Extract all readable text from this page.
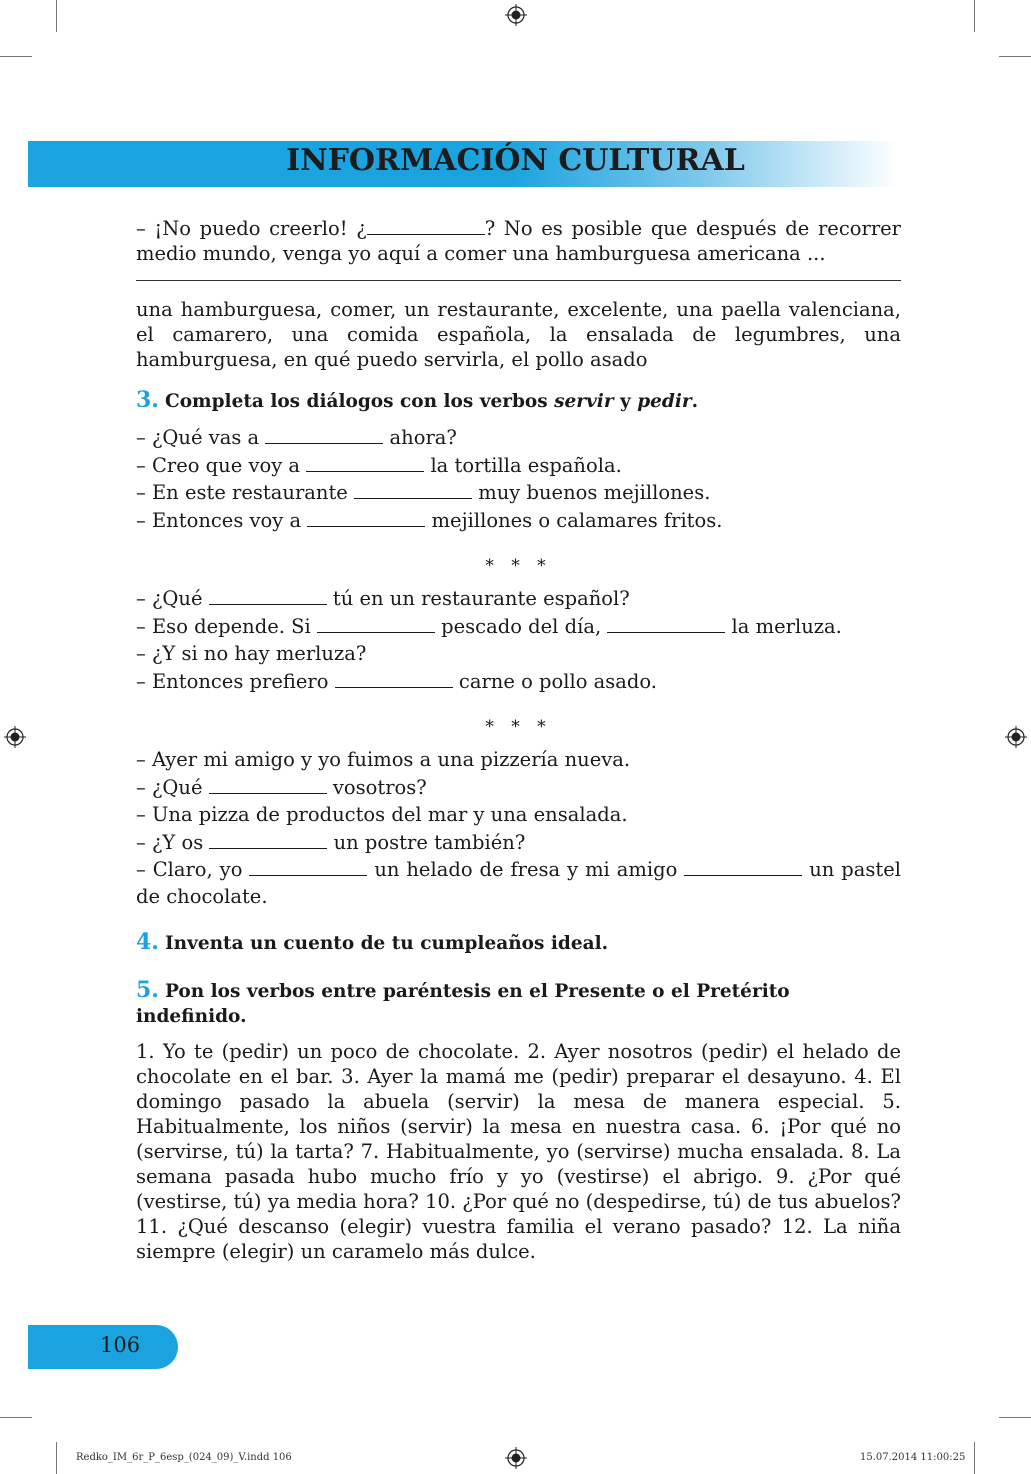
INFORMACIÓN CULTURAL
– ¡No puedo creerlo! ¿	? No es posible que después de recorrer medio mundo, venga yo aquí a comer una hamburguesa americana ...
una hamburguesa, comer, un restaurante, excelente, una paella valenciana, el camarero, una comida española, la ensalada de legumbres, una hamburguesa, en qué puedo servirla, el pollo asado
3. Completa los diálogos con los verbos servir y pedir.
– ¿Qué vas a	ahora?
– Creo que voy a	la tortilla española.
– En este restaurante	muy buenos mejillones.
– Entonces voy a	mejillones o calamares fritos.
* * *
– ¿Qué	tú en un restaurante español?
– Eso depende. Si	pescado del día,	la merluza.
– ¿Y si no hay merluza?
– Entonces prefiero	carne o pollo asado.
* * *
– Ayer mi amigo y yo fuimos a una pizzería nueva.
– ¿Qué	vosotros?
– Una pizza de productos del mar y una ensalada.
– ¿Y os	un postre también?
– Claro, yo	un helado de fresa y mi amigo	un pastel de chocolate.
4. Inventa un cuento de tu cumpleaños ideal.
5. Pon los verbos entre paréntesis en el Presente o el Pretérito indefinido.
1. Yo te (pedir) un poco de chocolate. 2. Ayer nosotros (pedir) el helado de chocolate en el bar. 3. Ayer la mamá me (pedir) preparar el desayuno. 4. El domingo pasado la abuela (servir) la mesa de manera especial. 5. Habitualmente, los niños (servir) la mesa en nuestra casa. 6. ¡Por qué no (servirse, tú) la tarta? 7. Habitualmente, yo (servirse) mucha ensalada. 8. La semana pasada hubo mucho frío y yo (vestirse) el abrigo. 9. ¿Por qué (vestirse, tú) ya media hora? 10. ¿Por qué no (despedirse, tú) de tus abuelos? 11. ¿Qué descanso (elegir) vuestra familia el verano pasado? 12. La niña siempre (elegir) un caramelo más dulce.
106
Redko_IM_6r_P_6esp_(024_09)_V.indd 106	15.07.2014 11:00:25
